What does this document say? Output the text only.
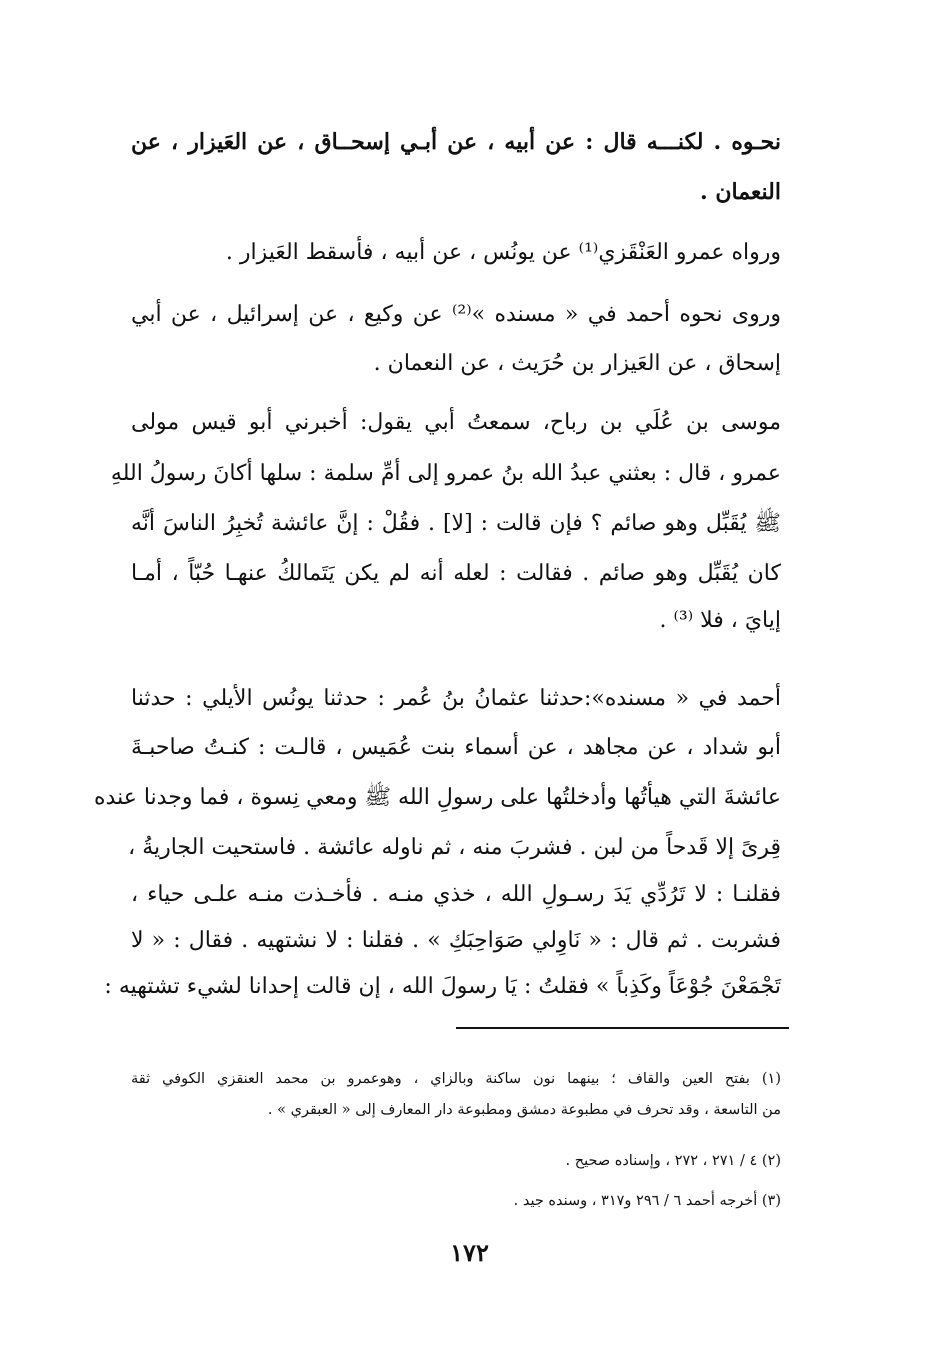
نحـوه . لكنـــه قال : عن أبيه ، عن أبـي إسحــاق ، عن العَيزار ، عن
النعمان .
ورواه عمرو العَنْقَزي⁽¹⁾ عن يونُس ، عن أبيه ، فأسقط العَيزار .
وروى نحوه أحمد في « مسنده »⁽²⁾ عن وكيع ، عن إسرائيل ، عن أبي
إسحاق ، عن العَيزار بن حُرَيث ، عن النعمان .
موسى بن عُلَي بن رباح، سمعتُ أبي يقول: أخبرني أبو قيس مولى
عمرو ، قال : بعثني عبدُ الله بنُ عمرو إلى أمِّ سلمة : سلها أكانَ رسولُ اللهِ
ﷺ يُقَبِّل وهو صائم ؟ فإن قالت : [لا] . فقُلْ : إنَّ عائشة تُخبِرُ الناسَ أنَّه
كان يُقَبِّل وهو صائم . فقالت : لعله أنه لم يكن يَتَمالكُ عنهـا حُبّاً ، أمـا
إيايَ ، فلا ⁽³⁾ .
أحمد في « مسنده»:حدثنا عثمانُ بنُ عُمر : حدثنا يونُس الأيلي : حدثنا
أبو شداد ، عن مجاهد ، عن أسماء بنت عُمَيس ، قالـت : كنـتُ صاحبـةَ
عائشةَ التي هيأتُها وأدخلتُها على رسولِ الله ﷺ ومعي نِسوة ، فما وجدنا عنده
قِرىً إلا قَدحاً من لبن . فشربَ منه ، ثم ناوله عائشة . فاستحيت الجاريةُ ،
فقلنـا : لا تَرُدِّي يَدَ رسـولِ الله ، خذي منـه . فأخـذت منـه علـى حياء ،
فشربت . ثم قال : « نَاوِلي صَوَاحِبَكِ » . فقلنا : لا نشتهيه . فقال : « لا
تَجْمَعْنَ جُوْعَاً وكَذِباً » فقلتُ : يَا رسولَ الله ، إن قالت إحدانا لشيء تشتهيه :
(١) بفتح العين والقاف ؛ بينهما نون ساكنة وبالزاي ، وهوعمرو بن محمد العنقزي الكوفي ثقة
من التاسعة ، وقد تحرف في مطبوعة دمشق ومطبوعة دار المعارف إلى « العبقري » .
(٢) ٤ / ٢٧١ ، ٢٧٢ ، وإسناده صحيح .
(٣) أخرجه أحمد ٦ / ٢٩٦ و٣١٧ ، وسنده جيد .
١٧٢
